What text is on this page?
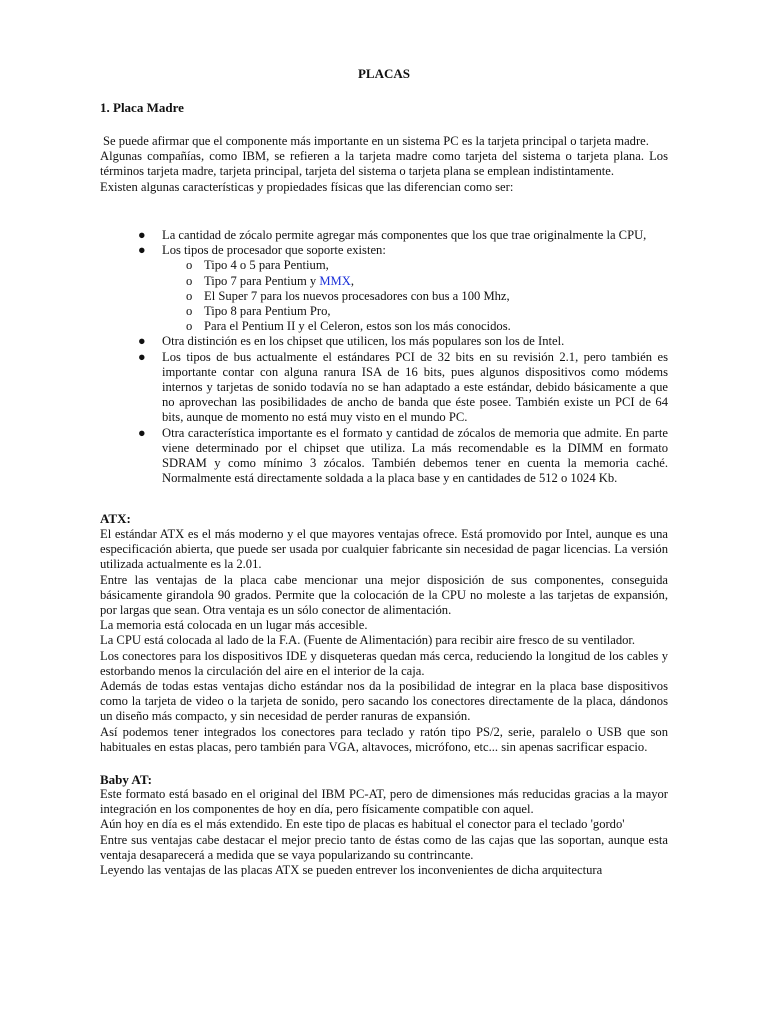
PLACAS
1. Placa Madre

Se puede afirmar que el componente más importante en un sistema PC es la tarjeta principal o tarjeta madre.

Algunas compañías, como IBM, se refieren a la tarjeta madre como tarjeta del sistema o tarjeta plana. Los términos tarjeta madre, tarjeta principal, tarjeta del sistema o tarjeta plana se emplean indistintamente.

Existen algunas características y propiedades físicas que las diferencian como ser:

● La cantidad de zócalo permite agregar más componentes que los que trae originalmente la CPU,
● Los tipos de procesador que soporte existen:
o Tipo 4 o 5 para Pentium,
o Tipo 7 para Pentium y MMX,
o El Super 7 para los nuevos procesadores con bus a 100 Mhz,
o Tipo 8 para Pentium Pro,
o Para el Pentium II y el Celeron, estos son los más conocidos.
● Otra distinción es en los chipset que utilicen, los más populares son los de Intel.
● Los tipos de bus actualmente el estándares PCI de 32 bits en su revisión 2.1, pero también es importante contar con alguna ranura ISA de 16 bits, pues algunos dispositivos como módems internos y tarjetas de sonido todavía no se han adaptado a este estándar, debido básicamente a que no aprovechan las posibilidades de ancho de banda que éste posee. También existe un PCI de 64 bits, aunque de momento no está muy visto en el mundo PC.
● Otra característica importante es el formato y cantidad de zócalos de memoria que admite. En parte viene determinado por el chipset que utiliza. La más recomendable es la DIMM en formato SDRAM y como mínimo 3 zócalos. También debemos tener en cuenta la memoria caché. Normalmente está directamente soldada a la placa base y en cantidades de 512 o 1024 Kb.
ATX:

El estándar ATX es el más moderno y el que mayores ventajas ofrece. Está promovido por Intel, aunque es una especificación abierta, que puede ser usada por cualquier fabricante sin necesidad de pagar licencias. La versión utilizada actualmente es la 2.01.

Entre las ventajas de la placa cabe mencionar una mejor disposición de sus componentes, conseguida básicamente girandola 90 grados. Permite que la colocación de la CPU no moleste a las tarjetas de expansión, por largas que sean. Otra ventaja es un sólo conector de alimentación.

La memoria está colocada en un lugar más accesible.

La CPU está colocada al lado de la F.A. (Fuente de Alimentación) para recibir aire fresco de su ventilador.

Los conectores para los dispositivos IDE y disqueteras quedan más cerca, reduciendo la longitud de los cables y estorbando menos la circulación del aire en el interior de la caja.

Además de todas estas ventajas dicho estándar nos da la posibilidad de integrar en la placa base dispositivos como la tarjeta de video o la tarjeta de sonido, pero sacando los conectores directamente de la placa, dándonos un diseño más compacto, y sin necesidad de perder ranuras de expansión.

Así podemos tener integrados los conectores para teclado y ratón tipo PS/2, serie, paralelo o USB que son habituales en estas placas, pero también para VGA, altavoces, micrófono, etc... sin apenas sacrificar espacio.

Baby AT:

Este formato está basado en el original del IBM PC-AT, pero de dimensiones más reducidas gracias a la mayor integración en los componentes de hoy en día, pero físicamente compatible con aquel.

Aún hoy en día es el más extendido. En este tipo de placas es habitual el conector para el teclado 'gordo'

Entre sus ventajas cabe destacar el mejor precio tanto de éstas como de las cajas que las soportan, aunque esta ventaja desaparecerá a medida que se vaya popularizando su contrincante.

Leyendo las ventajas de las placas ATX se pueden entrever los inconvenientes de dicha arquitectura
